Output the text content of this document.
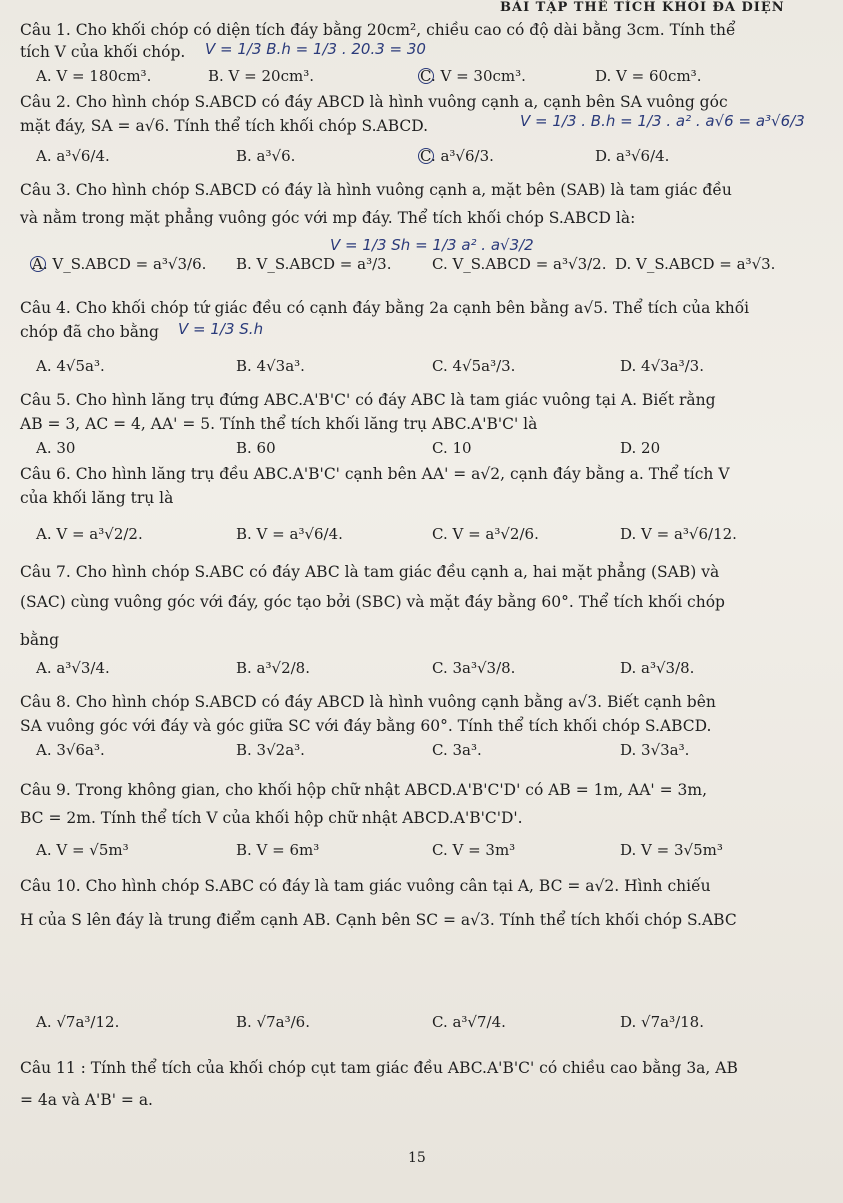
BÀI TẬP THỂ TÍCH KHỐI ĐA DIỆN
Câu 1. Cho khối chóp có diện tích đáy bằng 20cm², chiều cao có độ dài bằng 3cm. Tính thể
tích V của khối chóp. V = 1/3 B.h = 1/3 . 20.3 = 30
A. V = 180cm³.	B. V = 20cm³.	C. V = 30cm³.	D. V = 60cm³.
Câu 2. Cho hình chóp S.ABCD có đáy ABCD là hình vuông cạnh a, cạnh bên SA vuông góc
mặt đáy, SA = a√6. Tính thể tích khối chóp S.ABCD.	V = 1/3 . B.h = 1/3 . a² . a√6 = a³√6/3
A. a³√6/4.	B. a³√6.	C. a³√6/3.	D. a³√6/4.
Câu 3. Cho hình chóp S.ABCD có đáy là hình vuông cạnh a, mặt bên (SAB) là tam giác đều
và nằm trong mặt phẳng vuông góc với mp đáy. Thể tích khối chóp S.ABCD là:
V = 1/3 Sh = 1/3 a² . a√3/2
A. V_S.ABCD = a³√3/6. B. V_S.ABCD = a³/3.	C. V_S.ABCD = a³√3/2. D. V_S.ABCD = a³√3.
Câu 4. Cho khối chóp tứ giác đều có cạnh đáy bằng 2a cạnh bên bằng a√5. Thể tích của khối
chóp đã cho bằng V = 1/3 S.h
A. 4√5a³.	B. 4√3a³.	C. 4√5a³/3.	D. 4√3a³/3.
Câu 5. Cho hình lăng trụ đứng ABC.A'B'C' có đáy ABC là tam giác vuông tại A. Biết rằng
AB = 3, AC = 4, AA' = 5. Tính thể tích khối lăng trụ ABC.A'B'C' là
A. 30	B. 60	C. 10	D. 20
Câu 6. Cho hình lăng trụ đều ABC.A'B'C' cạnh bên AA' = a√2, cạnh đáy bằng a. Thể tích V
của khối lăng trụ là
A. V = a³√2/2.	B. V = a³√6/4.	C. V = a³√2/6.	D. V = a³√6/12.
Câu 7. Cho hình chóp S.ABC có đáy ABC là tam giác đều cạnh a, hai mặt phẳng (SAB) và
(SAC) cùng vuông góc với đáy, góc tạo bởi (SBC) và mặt đáy bằng 60°. Thể tích khối chóp
bằng
A. a³√3/4.	B. a³√2/8.	C. 3a³√3/8.	D. a³√3/8.
Câu 8. Cho hình chóp S.ABCD có đáy ABCD là hình vuông cạnh bằng a√3. Biết cạnh bên
SA vuông góc với đáy và góc giữa SC với đáy bằng 60°. Tính thể tích khối chóp S.ABCD.
A. 3√6a³.	B. 3√2a³.	C. 3a³.	D. 3√3a³.
Câu 9. Trong không gian, cho khối hộp chữ nhật ABCD.A'B'C'D' có AB = 1m, AA' = 3m,
BC = 2m. Tính thể tích V của khối hộp chữ nhật ABCD.A'B'C'D'.
A. V = √5m³	B. V = 6m³	C. V = 3m³	D. V = 3√5m³
Câu 10. Cho hình chóp S.ABC có đáy là tam giác vuông cân tại A, BC = a√2. Hình chiếu
H của S lên đáy là trung điểm cạnh AB. Cạnh bên SC = a√3. Tính thể tích khối chóp S.ABC
A. √7a³/12.	B. √7a³/6.	C. a³√7/4.	D. √7a³/18.
Câu 11 : Tính thể tích của khối chóp cụt tam giác đều ABC.A'B'C' có chiều cao bằng 3a, AB
= 4a và A'B' = a.
15
